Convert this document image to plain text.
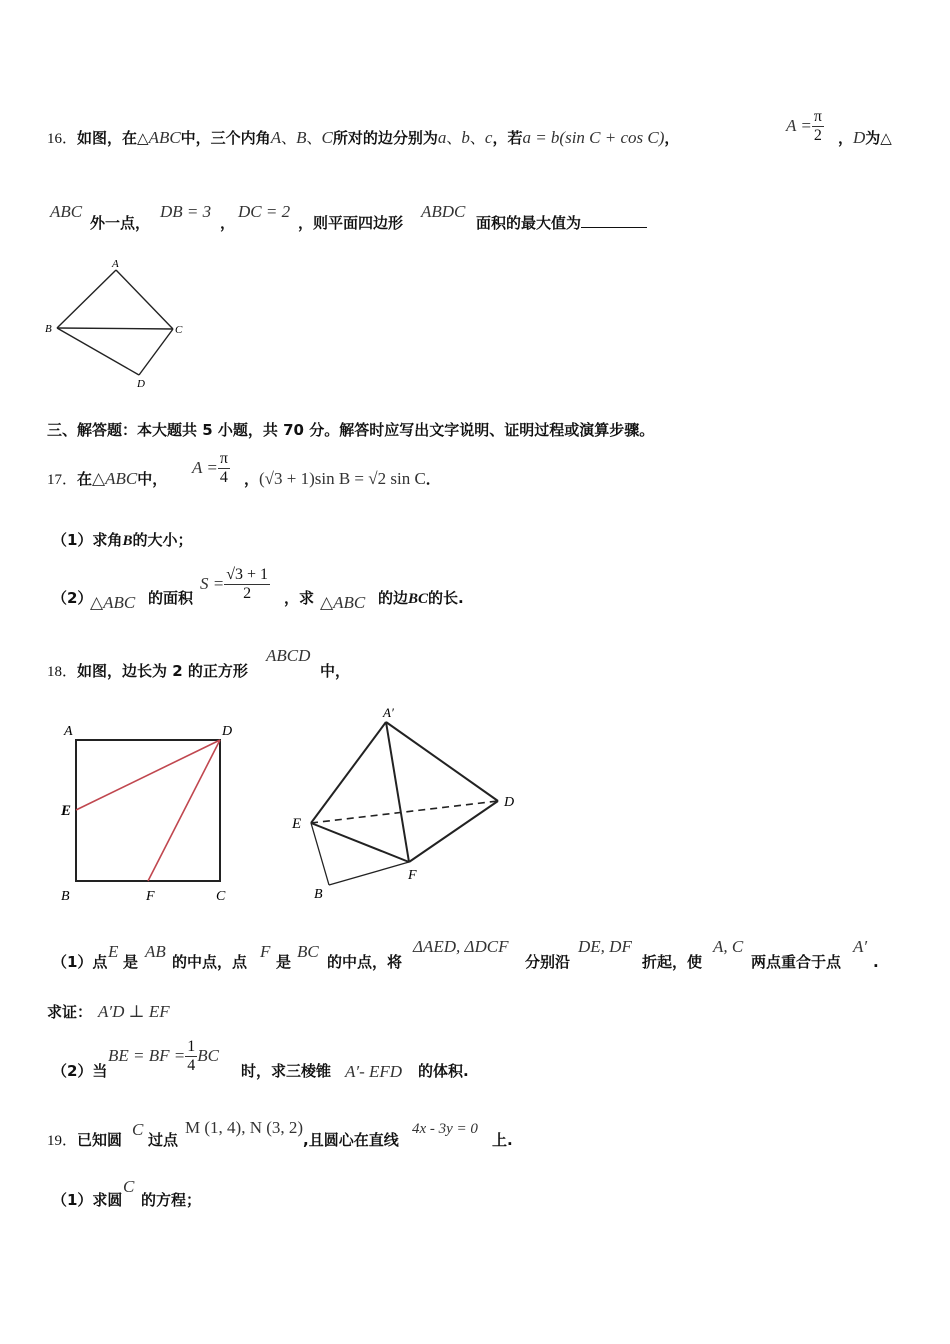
16．如图，在△ABC中，三个内角A、B、C所对的边分别为a、b、c，若a = b(sin C + cos C)，
$A = \frac{\pi}{2}$ ，D为△
ABC
外一点，
DB = 3
，
DC = 2
，则平面四边形
ABDC
面积的最大值为
A
B	C
D
三、解答题：本大题共 5 小题，共 70 分。解答时应写出文字说明、证明过程或演算步骤。
17．在△ABC中，
$A = \frac{\pi}{4}$ ，(√3 + 1)sin B = √2 sin C．
（1）求角B的大小；
（2）
△ABC 的面积
$S = \frac{√3 + 1}{2}$ ，求 △ABC 的边BC的长.
18．如图，边长为 2 的正方形
ABCD
中，
A	D
E
B	F	C
A′
D
E
B
F
（1）点
E
是
AB
的中点，点
F
是
BC
的中点，将
ΔAED, ΔDCF
分别沿
DE, DF
折起，使
A, C
两点重合于点
A′
.
求证： A′D ⊥ EF
（2）当
BE = BF = $\frac{1}{4}$ BC
时，求三棱锥 A′- EFD 的体积.
19．已知圆
C
过点
M (1, 4), N (3, 2)
,且圆心在直线
4x - 3y = 0
上.
（1）求圆
C
的方程；
